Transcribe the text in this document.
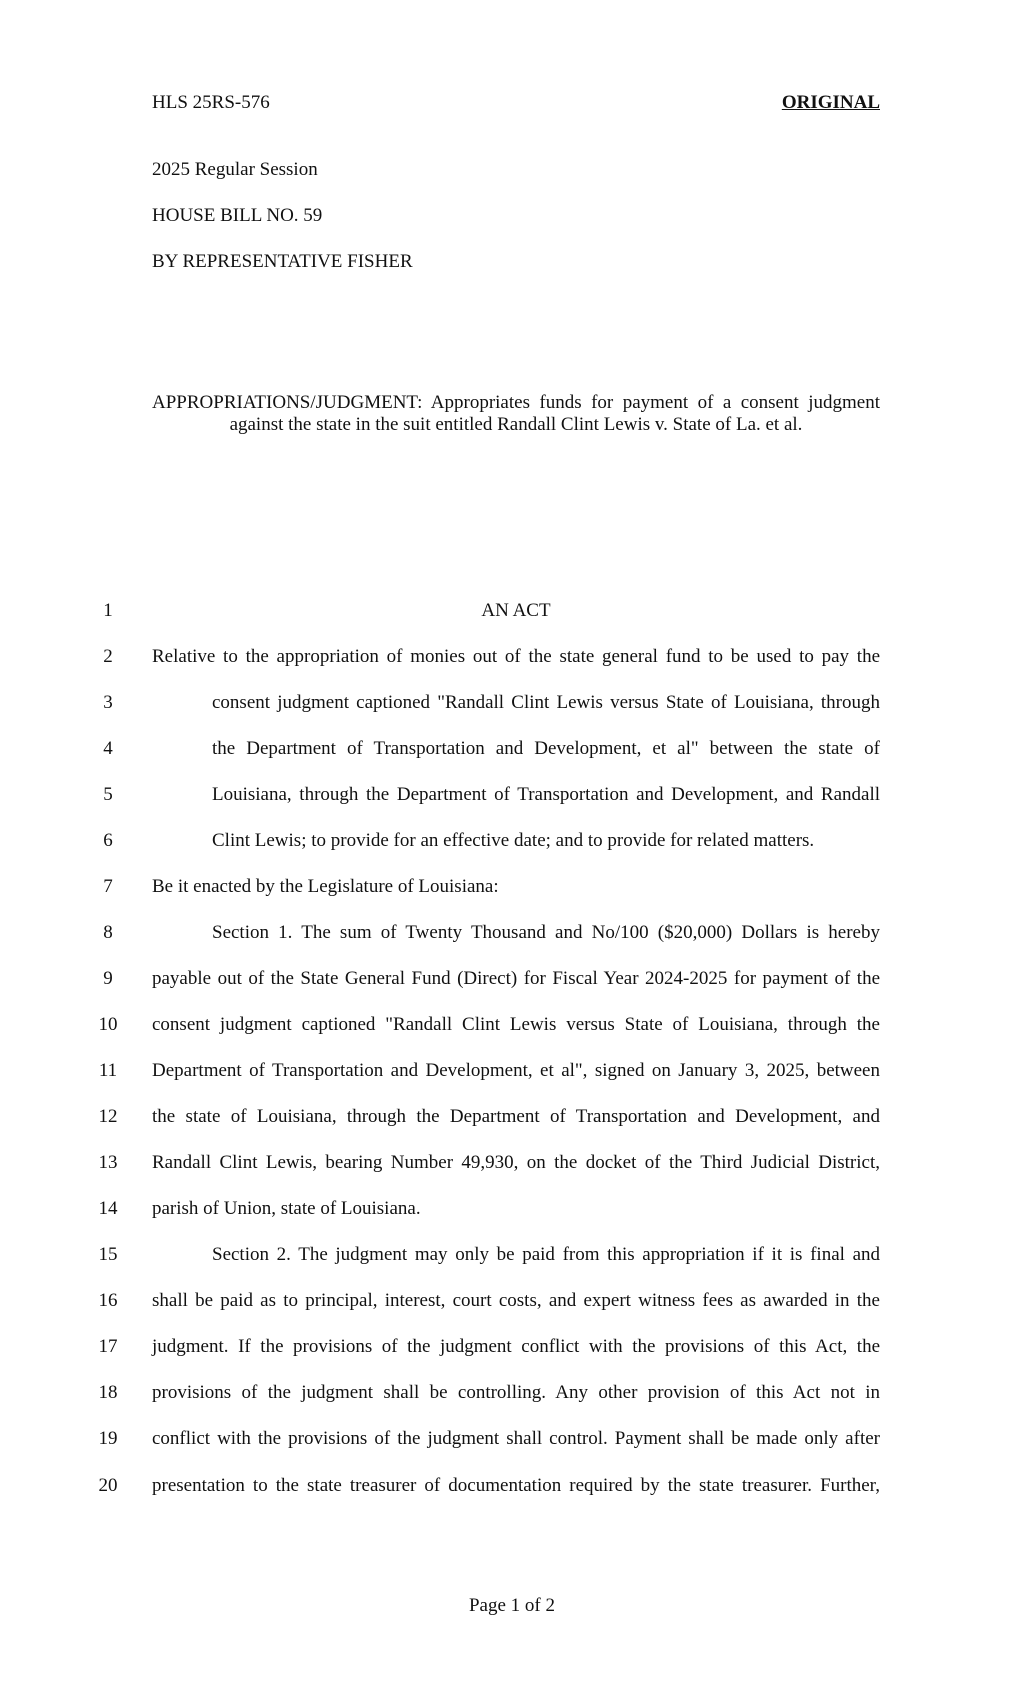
HLS 25RS-576	ORIGINAL
2025 Regular Session
HOUSE BILL NO. 59
BY REPRESENTATIVE FISHER
APPROPRIATIONS/JUDGMENT: Appropriates funds for payment of a consent judgment
against the state in the suit entitled Randall Clint Lewis v. State of La. et al.
1	AN ACT
2	Relative to the appropriation of monies out of the state general fund to be used to pay the
3	consent judgment captioned "Randall Clint Lewis versus State of Louisiana, through
4	the Department of Transportation and Development, et al" between the state of
5	Louisiana, through the Department of Transportation and Development, and Randall
6	Clint Lewis; to provide for an effective date; and to provide for related matters.
7	Be it enacted by the Legislature of Louisiana:
8	Section 1. The sum of Twenty Thousand and No/100 ($20,000) Dollars is hereby
9	payable out of the State General Fund (Direct) for Fiscal Year 2024-2025 for payment of the
10	consent judgment captioned "Randall Clint Lewis versus State of Louisiana, through the
11	Department of Transportation and Development, et al", signed on January 3, 2025, between
12	the state of Louisiana, through the Department of Transportation and Development, and
13	Randall Clint Lewis, bearing Number 49,930, on the docket of the Third Judicial District,
14	parish of Union, state of Louisiana.
15	Section 2. The judgment may only be paid from this appropriation if it is final and
16	shall be paid as to principal, interest, court costs, and expert witness fees as awarded in the
17	judgment. If the provisions of the judgment conflict with the provisions of this Act, the
18	provisions of the judgment shall be controlling. Any other provision of this Act not in
19	conflict with the provisions of the judgment shall control. Payment shall be made only after
20	presentation to the state treasurer of documentation required by the state treasurer. Further,
Page 1 of 2
